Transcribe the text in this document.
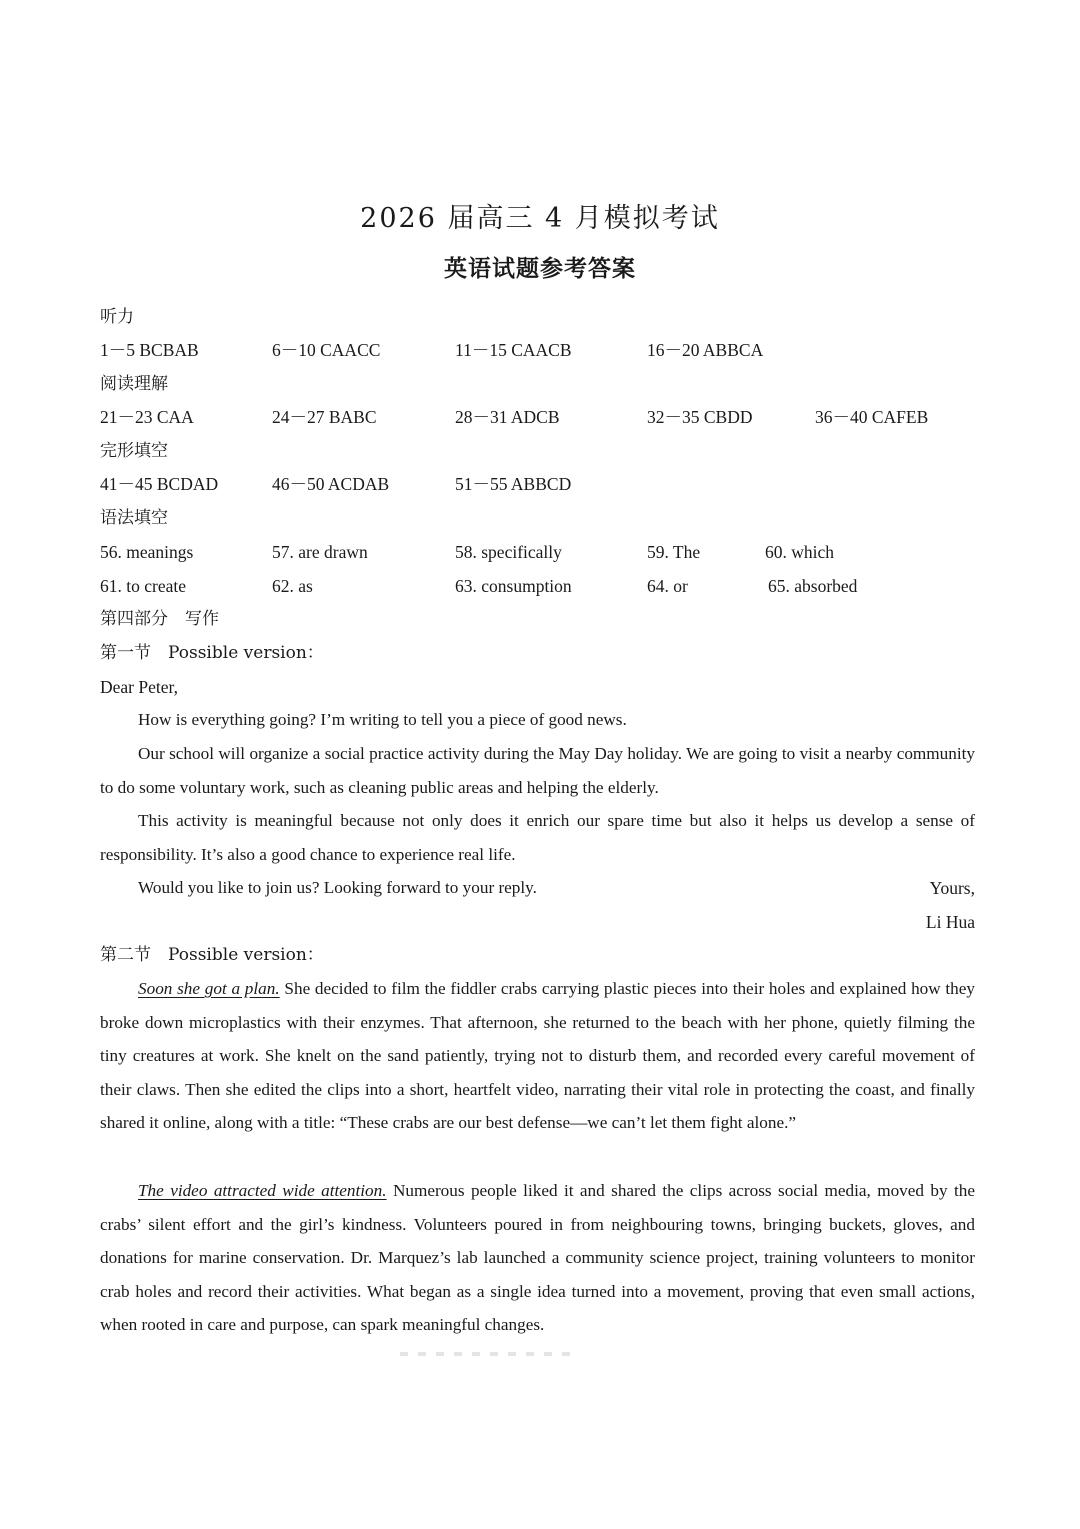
2026 届高三 4 月模拟考试
英语试题参考答案
听力
1－5 BCBAB	6－10 CAACC	11－15 CAACB	16－20 ABBCA
阅读理解
21－23 CAA	24－27 BABC	28－31 ADCB	32－35 CBDD	36－40 CAFEB
完形填空
41－45 BCDAD	46－50 ACDAB	51－55 ABBCD
语法填空
56. meanings	57. are drawn	58. specifically	59. The	60. which
61. to create	62. as	63. consumption	64. or	65. absorbed
第四部分　写作
第一节　Possible version：
Dear Peter,

How is everything going? I’m writing to tell you a piece of good news.

Our school will organize a social practice activity during the May Day holiday. We are going to visit a nearby community to do some voluntary work, such as cleaning public areas and helping the elderly.

This activity is meaningful because not only does it enrich our spare time but also it helps us develop a sense of responsibility. It’s also a good chance to experience real life.

Would you like to join us? Looking forward to your reply.	Yours,
Li Hua
第二节　Possible version：

Soon she got a plan. She decided to film the fiddler crabs carrying plastic pieces into their holes and explained how they broke down microplastics with their enzymes. That afternoon, she returned to the beach with her phone, quietly filming the tiny creatures at work. She knelt on the sand patiently, trying not to disturb them, and recorded every careful movement of their claws. Then she edited the clips into a short, heartfelt video, narrating their vital role in protecting the coast, and finally shared it online, along with a title: “These crabs are our best defense—we can’t let them fight alone.”

The video attracted wide attention. Numerous people liked it and shared the clips across social media, moved by the crabs’ silent effort and the girl’s kindness. Volunteers poured in from neighbouring towns, bringing buckets, gloves, and donations for marine conservation. Dr. Marquez’s lab launched a community science project, training volunteers to monitor crab holes and record their activities. What began as a single idea turned into a movement, proving that even small actions, when rooted in care and purpose, can spark meaningful changes.
